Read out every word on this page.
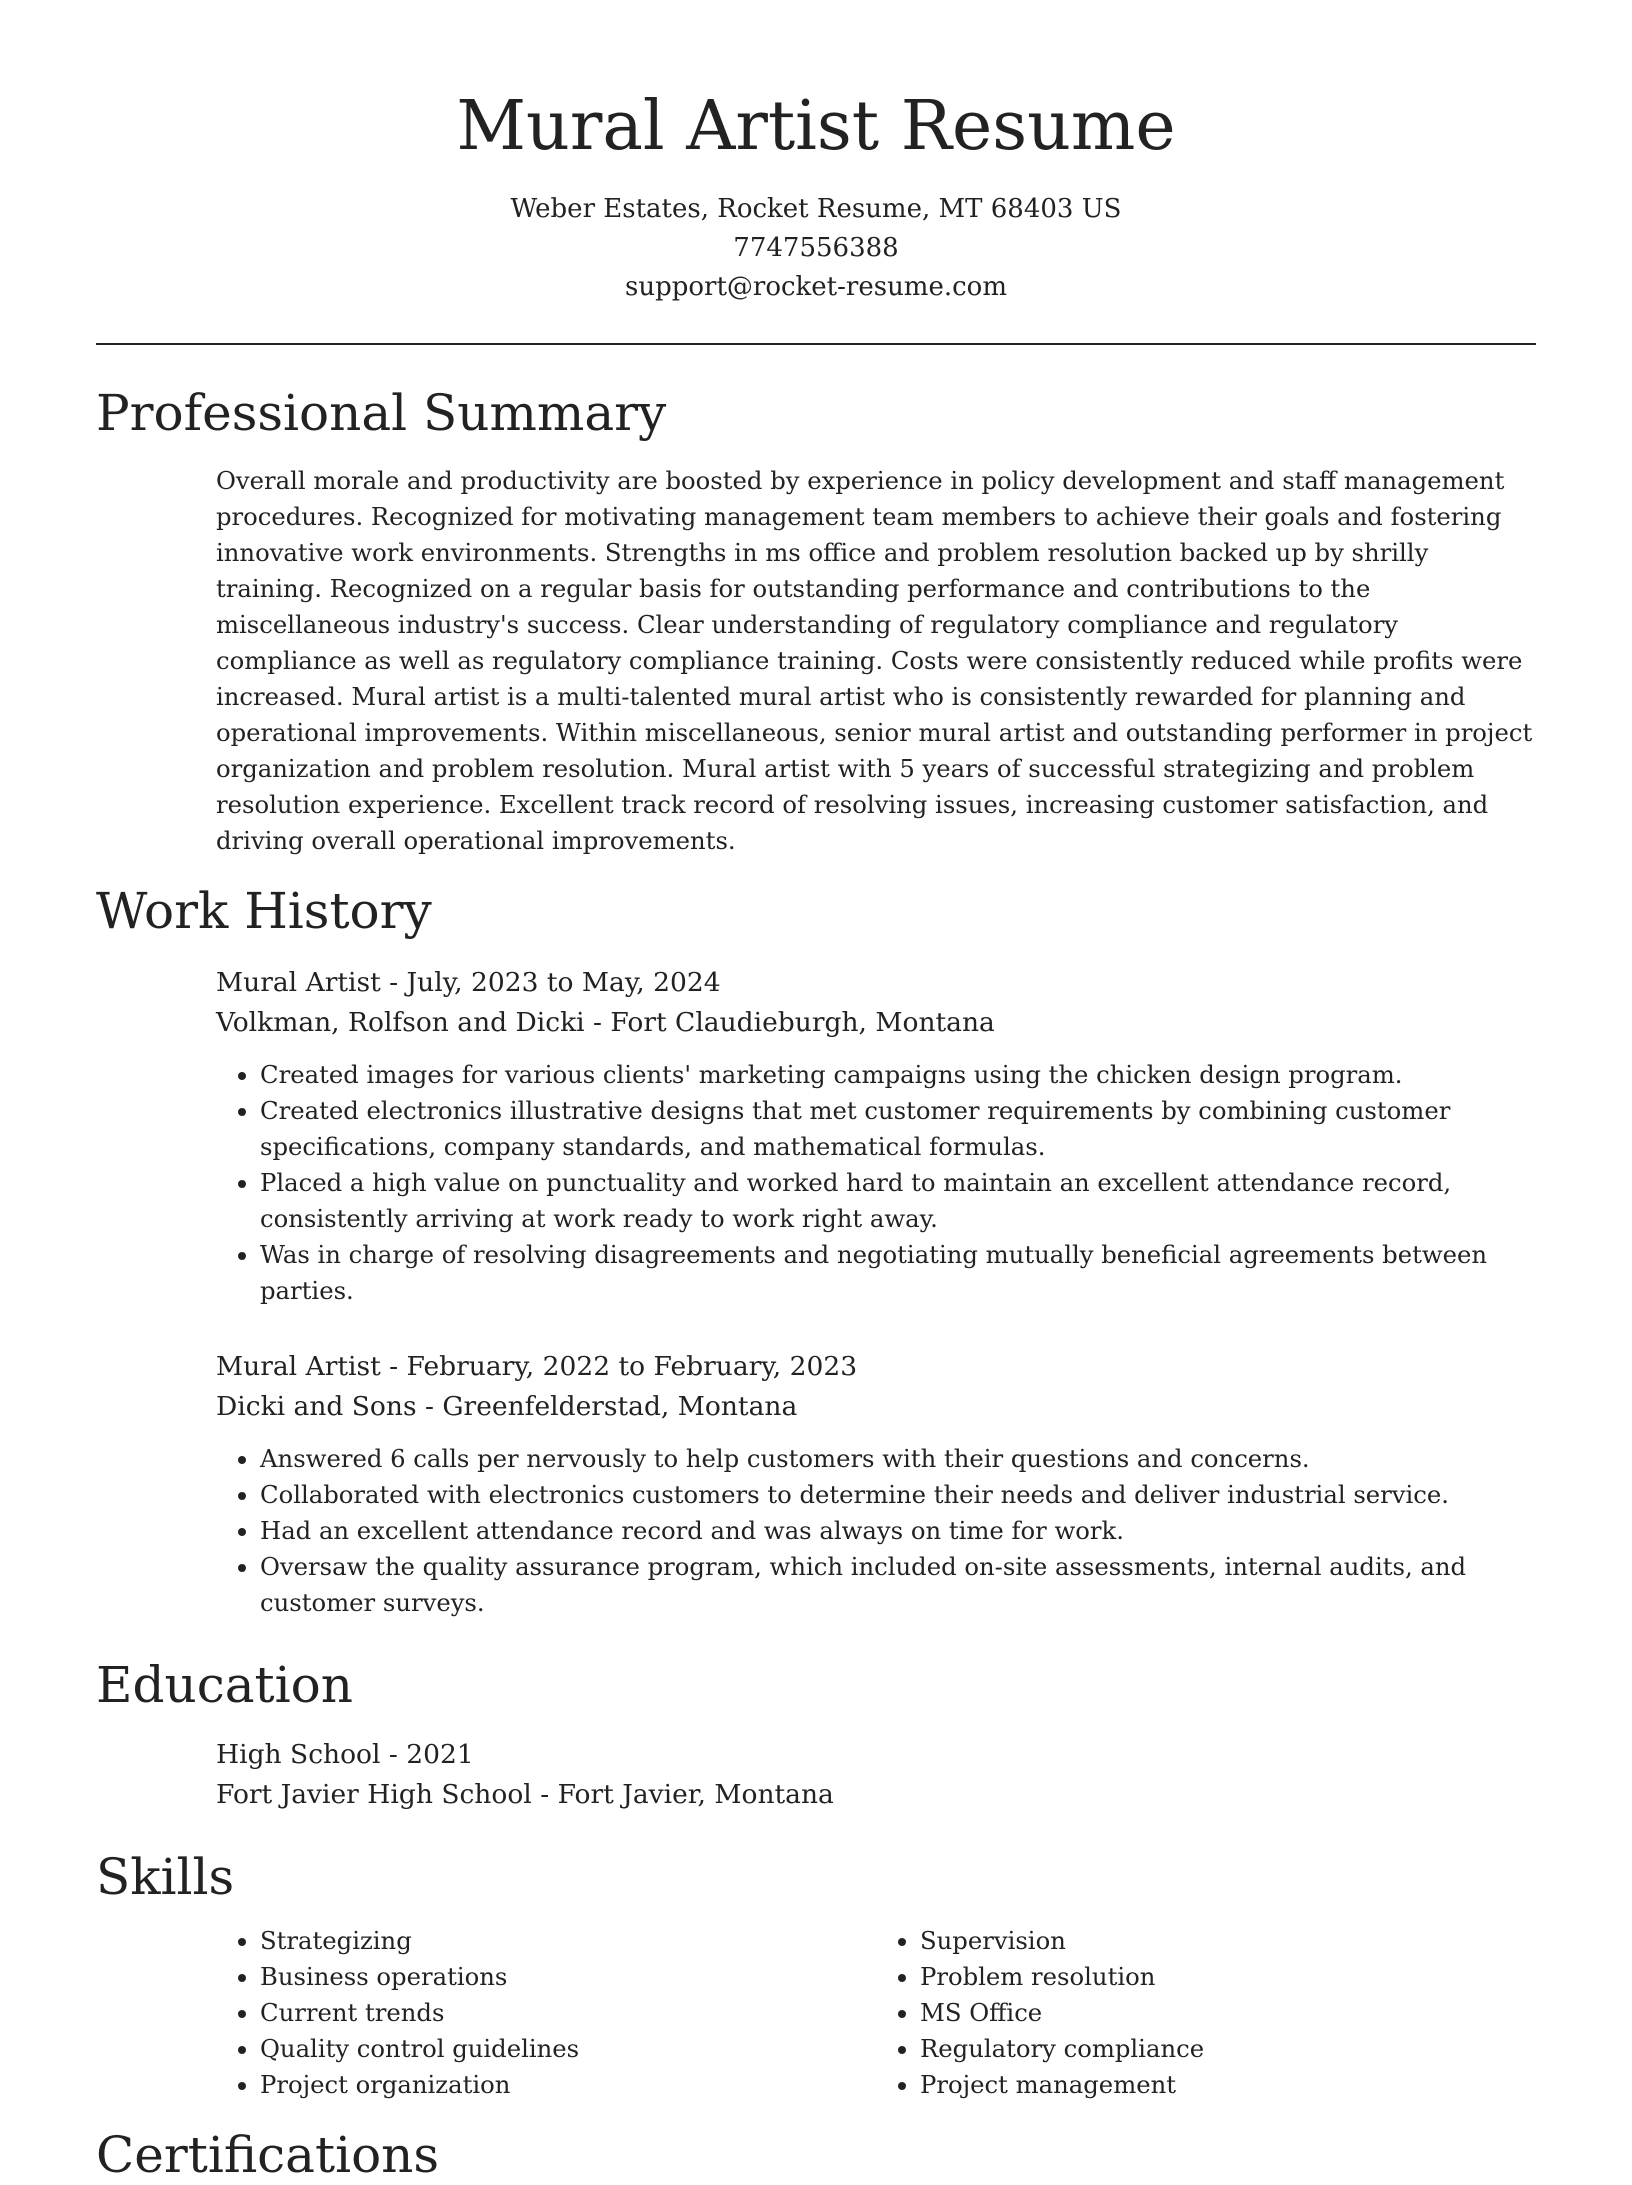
Mural Artist Resume
Weber Estates, Rocket Resume, MT 68403 US
7747556388
support@rocket-resume.com
Professional Summary
Overall morale and productivity are boosted by experience in policy development and staff management procedures. Recognized for motivating management team members to achieve their goals and fostering innovative work environments. Strengths in ms office and problem resolution backed up by shrilly training. Recognized on a regular basis for outstanding performance and contributions to the miscellaneous industry's success. Clear understanding of regulatory compliance and regulatory compliance as well as regulatory compliance training. Costs were consistently reduced while profits were increased. Mural artist is a multi-talented mural artist who is consistently rewarded for planning and operational improvements. Within miscellaneous, senior mural artist and outstanding performer in project organization and problem resolution. Mural artist with 5 years of successful strategizing and problem resolution experience. Excellent track record of resolving issues, increasing customer satisfaction, and driving overall operational improvements.
Work History
Mural Artist - July, 2023 to May, 2024
Volkman, Rolfson and Dicki - Fort Claudieburgh, Montana
• Created images for various clients' marketing campaigns using the chicken design program.
• Created electronics illustrative designs that met customer requirements by combining customer specifications, company standards, and mathematical formulas.
• Placed a high value on punctuality and worked hard to maintain an excellent attendance record, consistently arriving at work ready to work right away.
• Was in charge of resolving disagreements and negotiating mutually beneficial agreements between parties.
Mural Artist - February, 2022 to February, 2023
Dicki and Sons - Greenfelderstad, Montana
• Answered 6 calls per nervously to help customers with their questions and concerns.
• Collaborated with electronics customers to determine their needs and deliver industrial service.
• Had an excellent attendance record and was always on time for work.
• Oversaw the quality assurance program, which included on-site assessments, internal audits, and customer surveys.
Education
High School - 2021
Fort Javier High School - Fort Javier, Montana
Skills
• Strategizing
• Business operations
• Current trends
• Quality control guidelines
• Project organization
• Supervision
• Problem resolution
• MS Office
• Regulatory compliance
• Project management
Certifications
